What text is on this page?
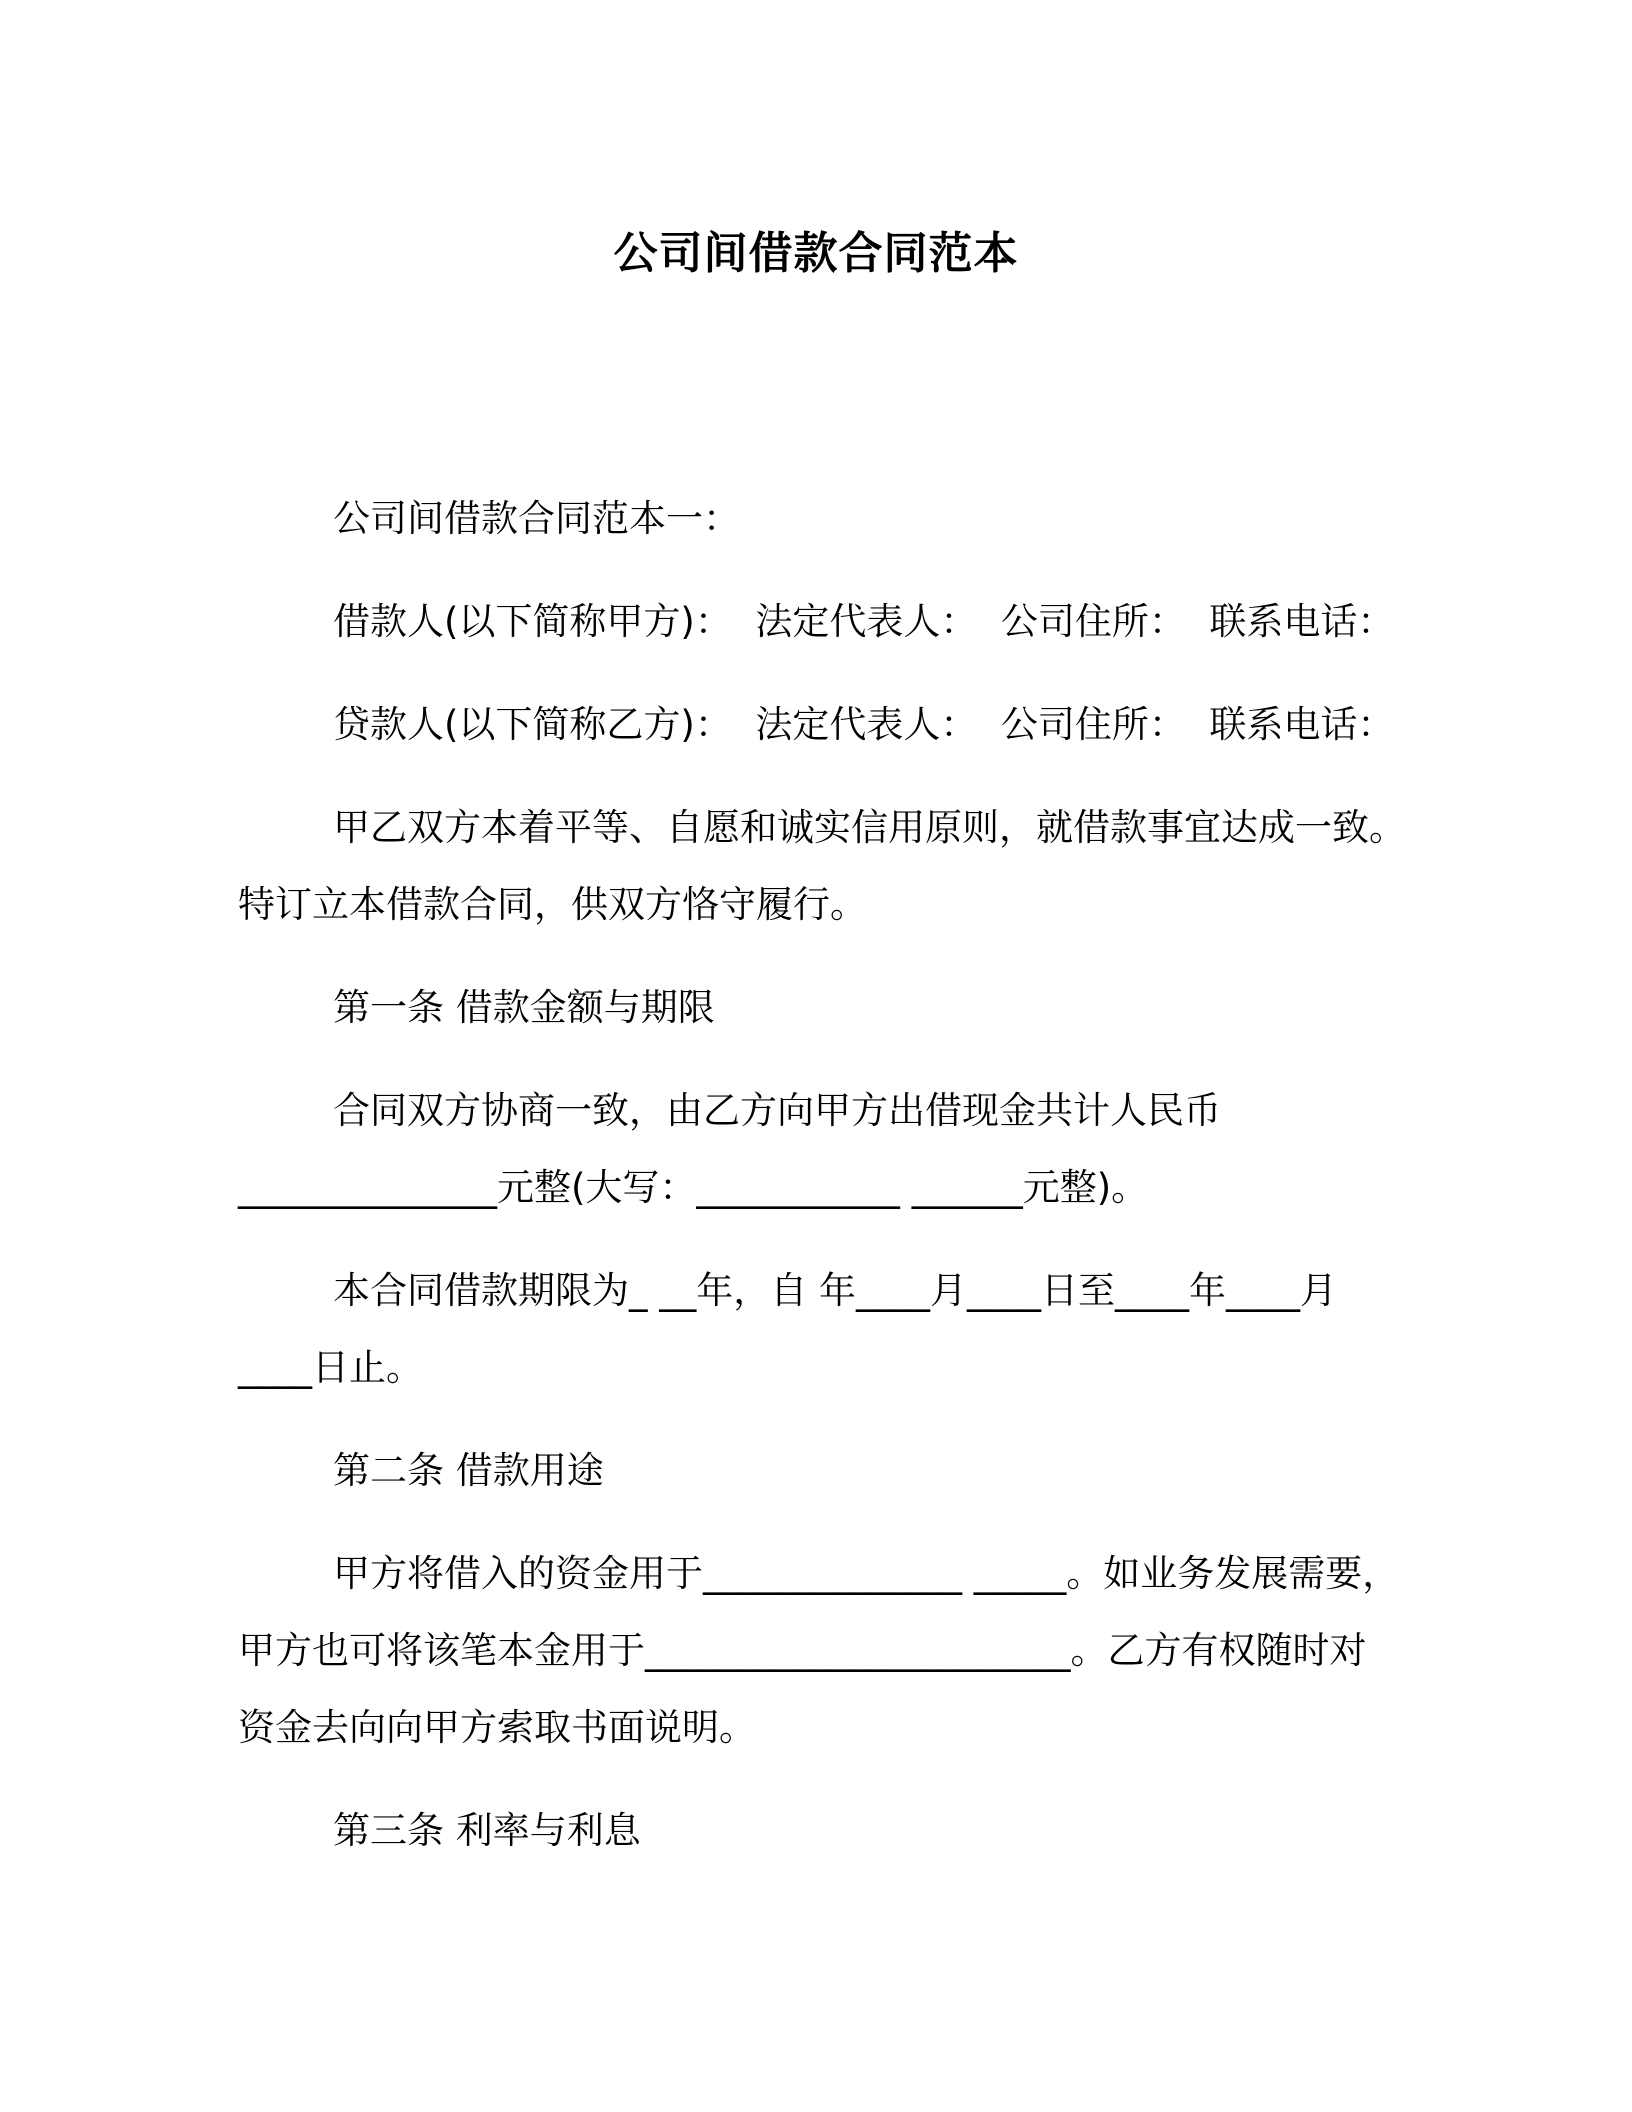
公司间借款合同范本
公司间借款合同范本一：
借款人(以下简称甲方)：  法定代表人：  公司住所：  联系电话：
贷款人(以下简称乙方)：  法定代表人：  公司住所：  联系电话：
甲乙双方本着平等、自愿和诚实信用原则，就借款事宜达成一致。
特订立本借款合同，供双方恪守履行。
第一条 借款金额与期限
合同双方协商一致，由乙方向甲方出借现金共计人民币
______________元整(大写：___________ ______元整)。
本合同借款期限为_ __年，自 年____月____日至____年____月
____日止。
第二条 借款用途
甲方将借入的资金用于______________ _____。如业务发展需要，
甲方也可将该笔本金用于_______________________。乙方有权随时对
资金去向向甲方索取书面说明。
第三条 利率与利息
